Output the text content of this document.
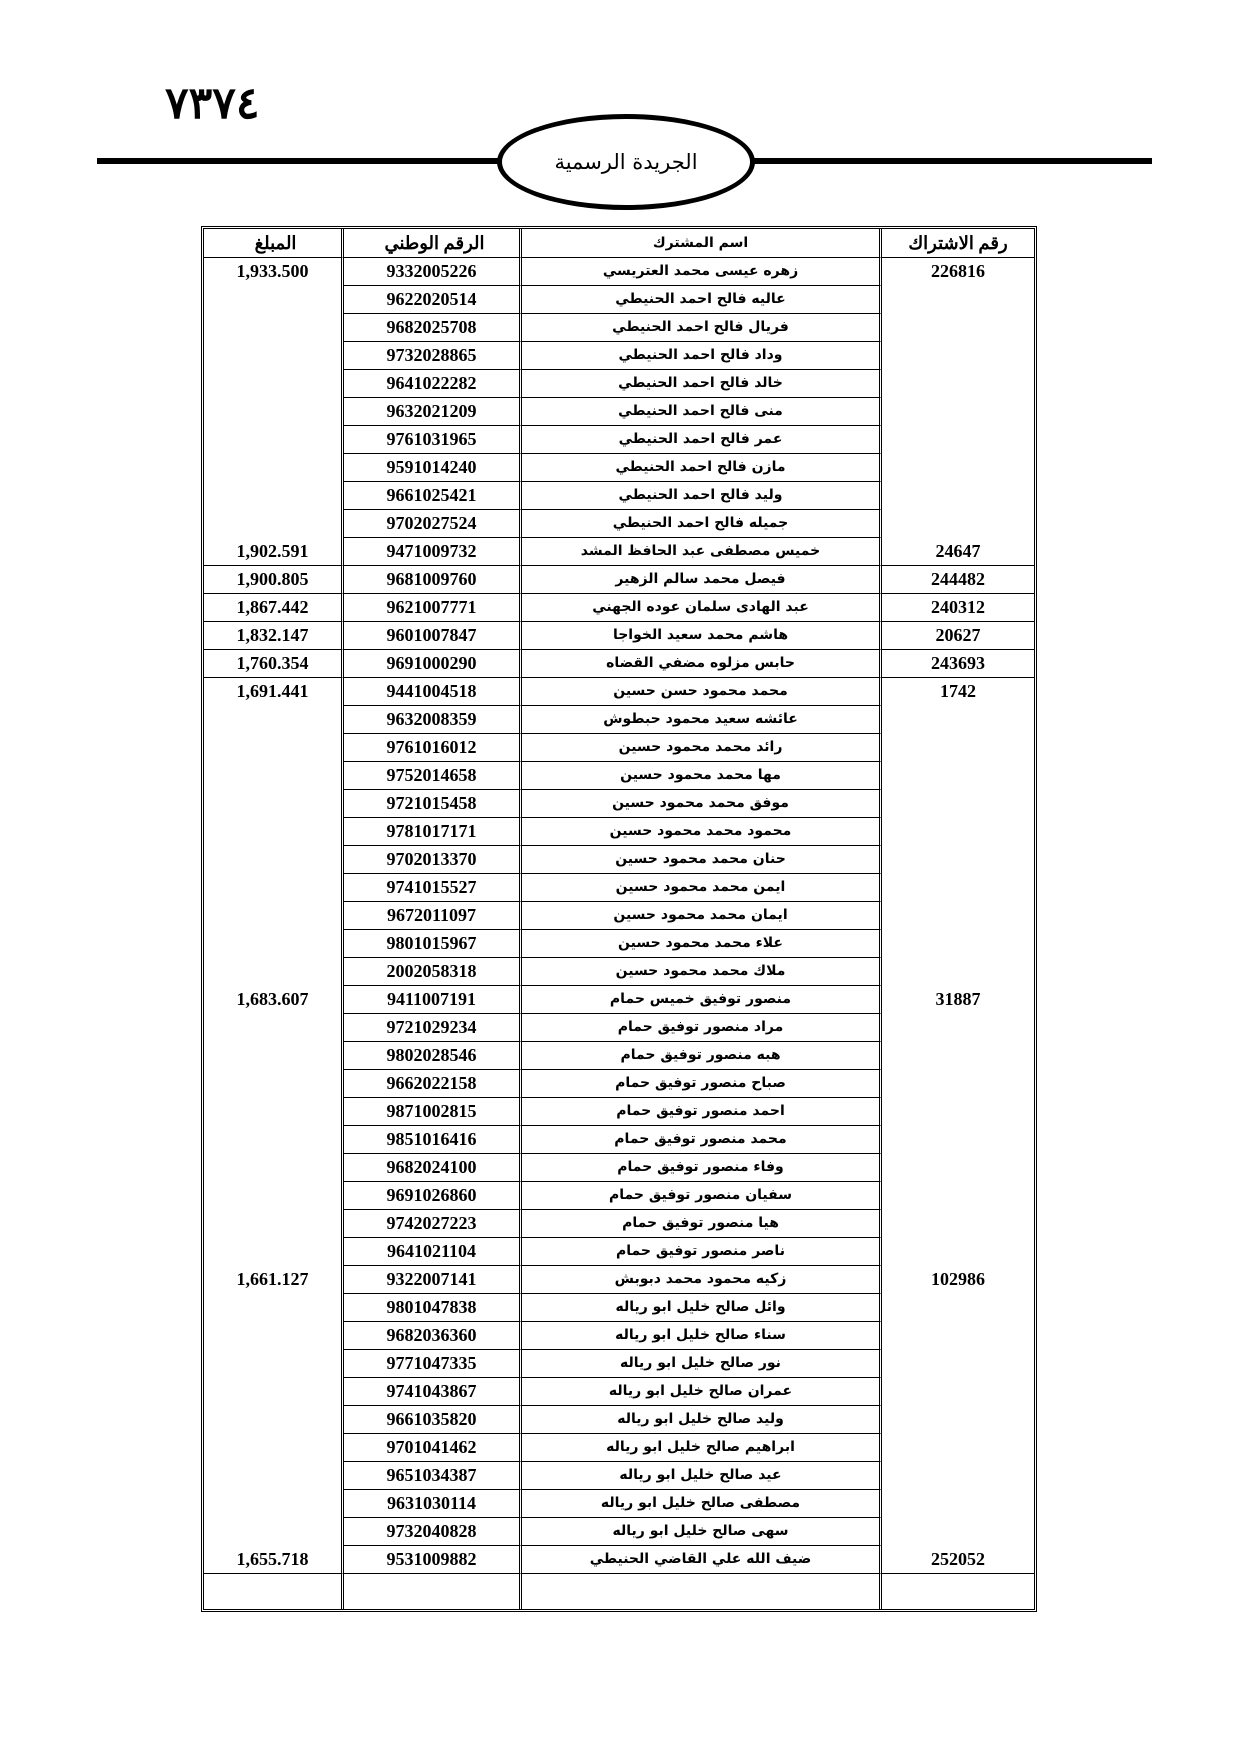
٧٣٧٤
الجريدة الرسمية
المبلغ	الرقم الوطني	اسم المشترك	رقم الاشتراك
1,933.500	9332005226	زهره عيسى محمد العتريسي	226816
	9622020514	عاليه فالح احمد الحنيطي	
	9682025708	فريال فالح احمد الحنيطي	
	9732028865	وداد فالح احمد الحنيطي	
	9641022282	خالد فالح احمد الحنيطي	
	9632021209	منى فالح احمد الحنيطي	
	9761031965	عمر فالح احمد الحنيطي	
	9591014240	مازن فالح احمد الحنيطي	
	9661025421	وليد فالح احمد الحنيطي	
	9702027524	جميله فالح احمد الحنيطي	
1,902.591	9471009732	خميس مصطفى عبد الحافظ المشد	24647
1,900.805	9681009760	فيصل محمد سالم الزهير	244482
1,867.442	9621007771	عبد الهادى سلمان عوده الجهني	240312
1,832.147	9601007847	هاشم محمد سعيد الخواجا	20627
1,760.354	9691000290	حابس مزلوه مضفي القضاه	243693
1,691.441	9441004518	محمد محمود حسن حسين	1742
	9632008359	عائشه سعيد محمود حبطوش	
	9761016012	رائد محمد محمود حسين	
	9752014658	مها محمد محمود حسين	
	9721015458	موفق محمد محمود حسين	
	9781017171	محمود محمد محمود حسين	
	9702013370	حنان محمد محمود حسين	
	9741015527	ايمن محمد محمود حسين	
	9672011097	ايمان محمد محمود حسين	
	9801015967	علاء محمد محمود حسين	
	2002058318	ملاك محمد محمود حسين	
1,683.607	9411007191	منصور توفيق خميس حمام	31887
	9721029234	مراد منصور توفيق حمام	
	9802028546	هبه منصور توفيق حمام	
	9662022158	صباح منصور توفيق حمام	
	9871002815	احمد منصور توفيق حمام	
	9851016416	محمد منصور توفيق حمام	
	9682024100	وفاء منصور توفيق حمام	
	9691026860	سفيان منصور توفيق حمام	
	9742027223	هيا منصور توفيق حمام	
	9641021104	ناصر منصور توفيق حمام	
1,661.127	9322007141	زكيه محمود محمد دبوبش	102986
	9801047838	وائل صالح خليل ابو رياله	
	9682036360	سناء صالح خليل ابو رياله	
	9771047335	نور صالح خليل ابو رياله	
	9741043867	عمران صالح خليل ابو رياله	
	9661035820	وليد صالح خليل ابو رياله	
	9701041462	ابراهيم صالح خليل ابو رياله	
	9651034387	عيد صالح خليل ابو رياله	
	9631030114	مصطفى صالح خليل ابو رياله	
	9732040828	سهى صالح خليل ابو رياله	
1,655.718	9531009882	ضيف الله علي القاضي الحنيطي	252052
